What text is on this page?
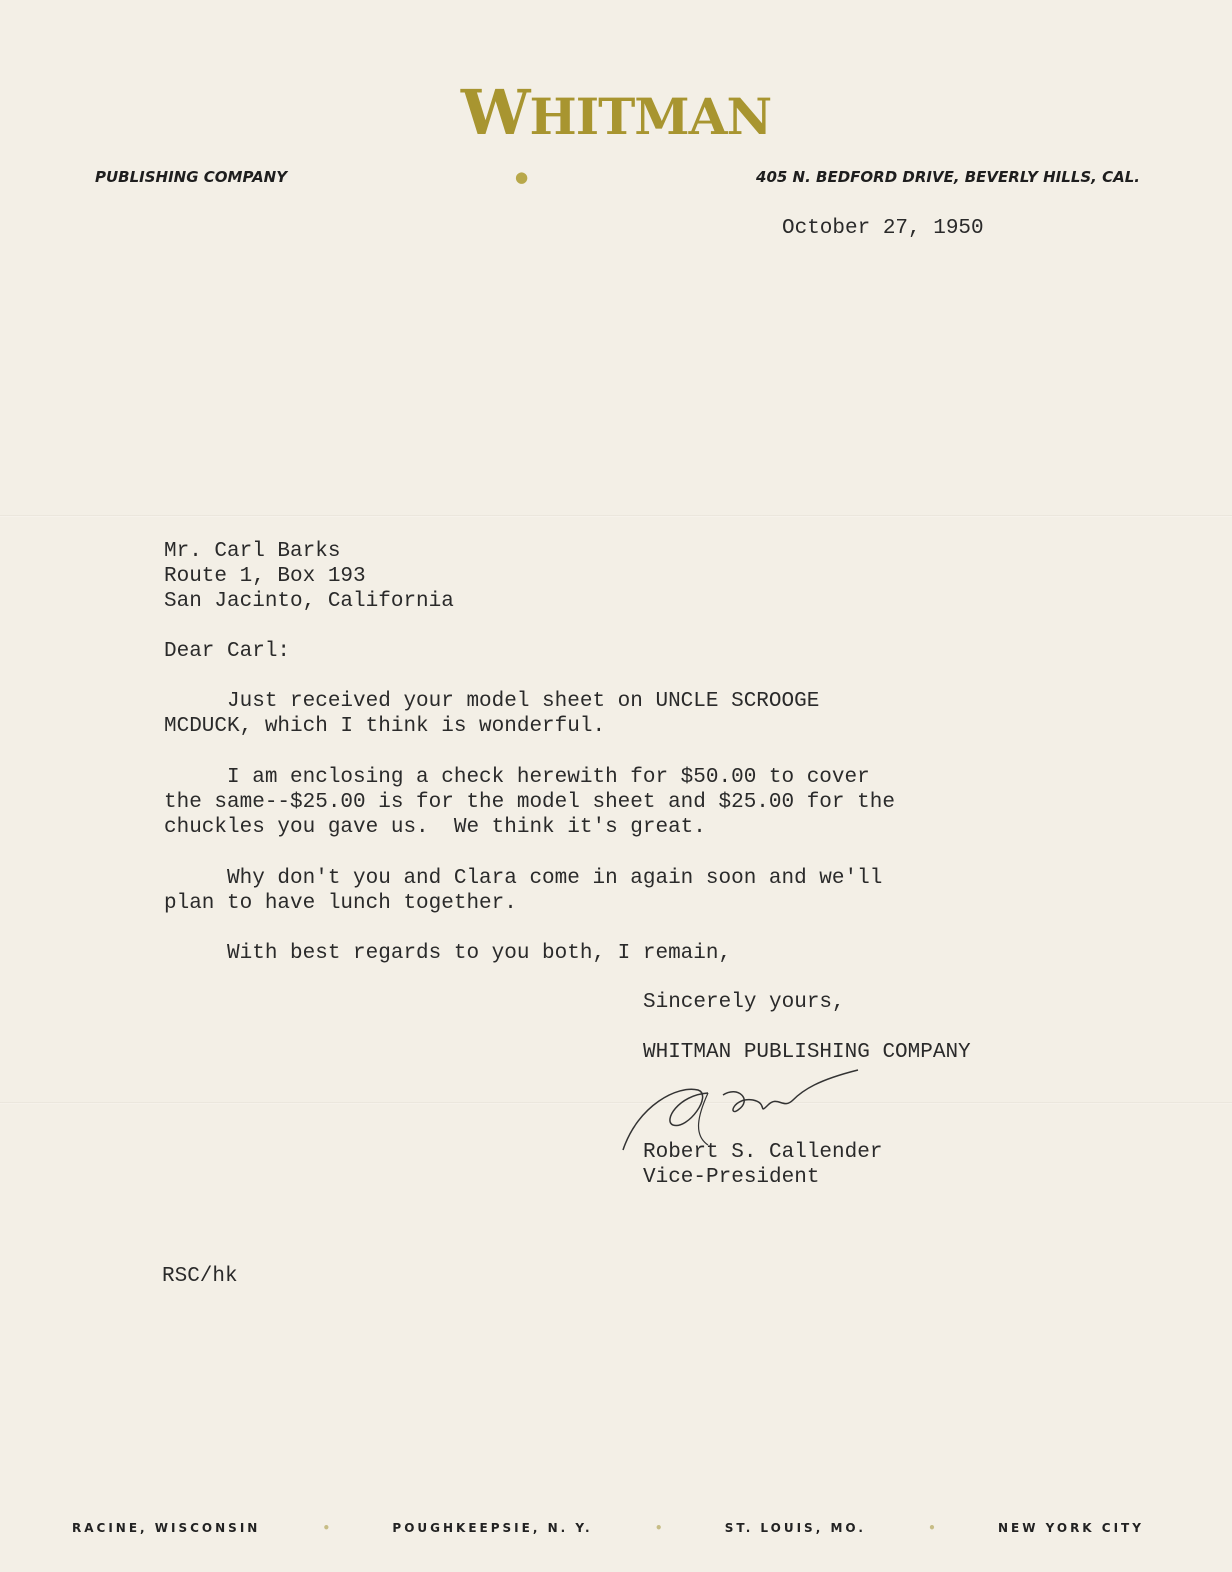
WHITMAN
PUBLISHING COMPANY	●	405 N. BEDFORD DRIVE, BEVERLY HILLS, CAL.
October 27, 1950
Mr. Carl Barks
Route 1, Box 193
San Jacinto, California
Dear Carl:
Just received your model sheet on UNCLE SCROOGE
MCDUCK, which I think is wonderful.
I am enclosing a check herewith for $50.00 to cover
the same--$25.00 is for the model sheet and $25.00 for the
chuckles you gave us.  We think it's great.
Why don't you and Clara come in again soon and we'll
plan to have lunch together.
With best regards to you both, I remain,
Sincerely yours,
WHITMAN PUBLISHING COMPANY
Robert S. Callender
Vice-President
RSC/hk
RACINE, WISCONSIN	•	POUGHKEEPSIE, N. Y.	•	ST. LOUIS, MO.	•	NEW YORK CITY
